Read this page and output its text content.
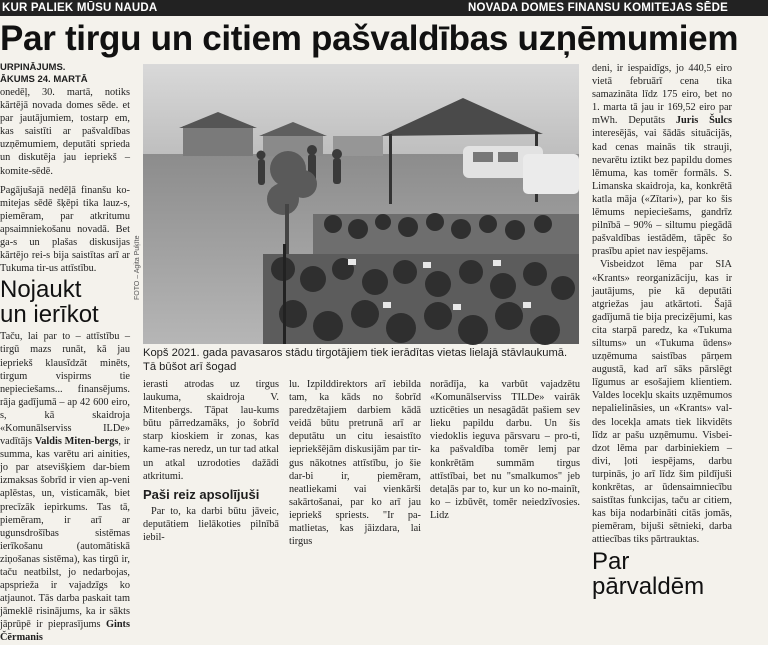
KUR PALIEK MŪSU NAUDA	NOVADA DOMES FINANSU KOMITEJAS SĒDE
Par tirgu un citiem pašvaldības uzņēmumiem
URPINĀJUMS.
ĀKUMS 24. MARTĀ

onedēļ, 30. martā, notiks kārtējā novada domes sēde. et par jautājumiem, tostarp em, kas saistīti ar pašvaldības uzņēmumiem, deputāti spriedа un diskutēja jau iepriekš – komite-sēdē.

Pagājušajā nedēļā finanšu ko-mitejas sēdē šķēpi tika lauz-s, piemēram, par atkritumu apsaimniekošanu novadā. Bet ga-s un plašas diskusijas kārtējo rei-s bija saistītas arī ar Tukuma tir-us attīstību.

Nojaukt
un ierīkot

Taču, lai par to – attīstību – tirgū mazs runāt, kā jau iepriekš klausīdzāt minēts, tirgum vispirms tie nepieciešams... finansējums. rāja gadījumā – ap 42 600 eiro, s, kā skaidroja «Komunālserviss ILDe» vadītājs Valdis Miten-bergs, ir summa, kas varētu ari ainities, jo par atsevišķiem dar-biem izmaksas šobrīd ir vien ap-veni aplēstas, un, visticamāk, biet precīzāk iepirkums. Tas tā, piemēram, ir arī ar ugunsdrošības sistēmas ierīkošanu (automātiskā ziņošanas sistēma), kas tirgū ir, taču neatbilst, jo nedarbojas, apsprieža ir vajadzīgs ko atjaunot. Tās darba paskait tam jāmeklē risinājums, ka ir sākts jāprūpē ir pieprasījums Gints Čērmanis

FOTO – Agita Puķīte
Kopš 2021. gada pavasaros stādu tirgotājiem tiek ierādītas vietas lielajā stāvlaukumā. Tā būšot arī šogad

ierasti atrodas uz tirgus laukuma, skaidroja V. Mitenbergs. Tāpat lau-kums būtu pārredzamāks, jo šobrīd starp kioskiem ir zonas, kas kame-ras neredz, un tur tad atkal un atkal uzrodoties dažādi atkritumi.

Paši reiz apsolījuši

Par to, ka darbi būtu jāveic, deputātiem lielākoties pilnībā iebil-

lu. Izpilddirektors arī iebilda tam, ka kāds no šobrīd paredzētajiem darbiem kādā veidā būtu pretrunā arī ar deputātu un citu iesaistīto iepriekšējām diskusijām par tir-gus nākotnes attīstību, jo šie dar-bi ir, piemēram, neatliekami vai vienkārši sakārtošanai, par ko arī jau iepriekš spriests. "Ir pa-matlietas, kas jāizdara, lai tirgus

norādīja, ka varbūt vajadzētu «Komunālserviss TILDe» vairāk uzticēties un nesagādāt pašiem sev lieku papildu darbu. Un šis viedoklis ieguva pārsvaru – pro-ti, ka pašvaldība tomēr lemj par konkrētām summām tirgus attīstībai, bet nu "smalkumos" jeb detaļās par to, kur un ko no-mainīt, ko – izbūvēt, tomēr neiedzīvosies. Lidz

deni, ir iespaidīgs, jo 440,5 eiro vietā februārī cena tika samazināta līdz 175 eiro, bet no 1. marta tā jau ir 169,52 eiro par mWh. Deputāts Juris Šulcs interesējās, vai šādās situācijās, kad cenas mainās tik strauji, nevarētu iztikt bez papildu domes lēmuma, kas tomēr formāls. S. Limanska skaidroja, ka, konkrētā katla māja («Zītari»), par ko šis lēmums nepieciešams, gandrīz pilnībā – 90% – siltumu piegādā pašvaldības iestādēm, tāpēc šo prasību apiet nav iespējams.

Visbeidzot lēmа par SIA «Krants» reorganizāciju, kas ir jautājums, pie kā deputāti atgriežas jau atkārtoti. Šajā gadījumā tie bija precizējumi, kas cita starpā paredz, ka «Tukuma siltums» un «Tukuma ūdens» uzņēmuma saistības pārņem augustā, kad arī sāks pārslēgt līgumus ar esošajiem klientiem. Valdes locekļu skaits uzņēmumos nepalielināsies, un «Krants» val-des locekļa amats tiek likvidēts līdz ar pašu uzņēmumu. Visbei-dzot lēma par darbiniekiem – divi, ļoti iespējams, darbu turpinās, jo arī līdz šim pildījuši konkrētas, ar ūdensaimniecību saistītas funkcijas, taču ar citiem, kas bija nodarbināti citās jomās, piemēram, bijuši sētnieki, darba attiecības tiks pārtrauktas.

Par
pārvaldēm
